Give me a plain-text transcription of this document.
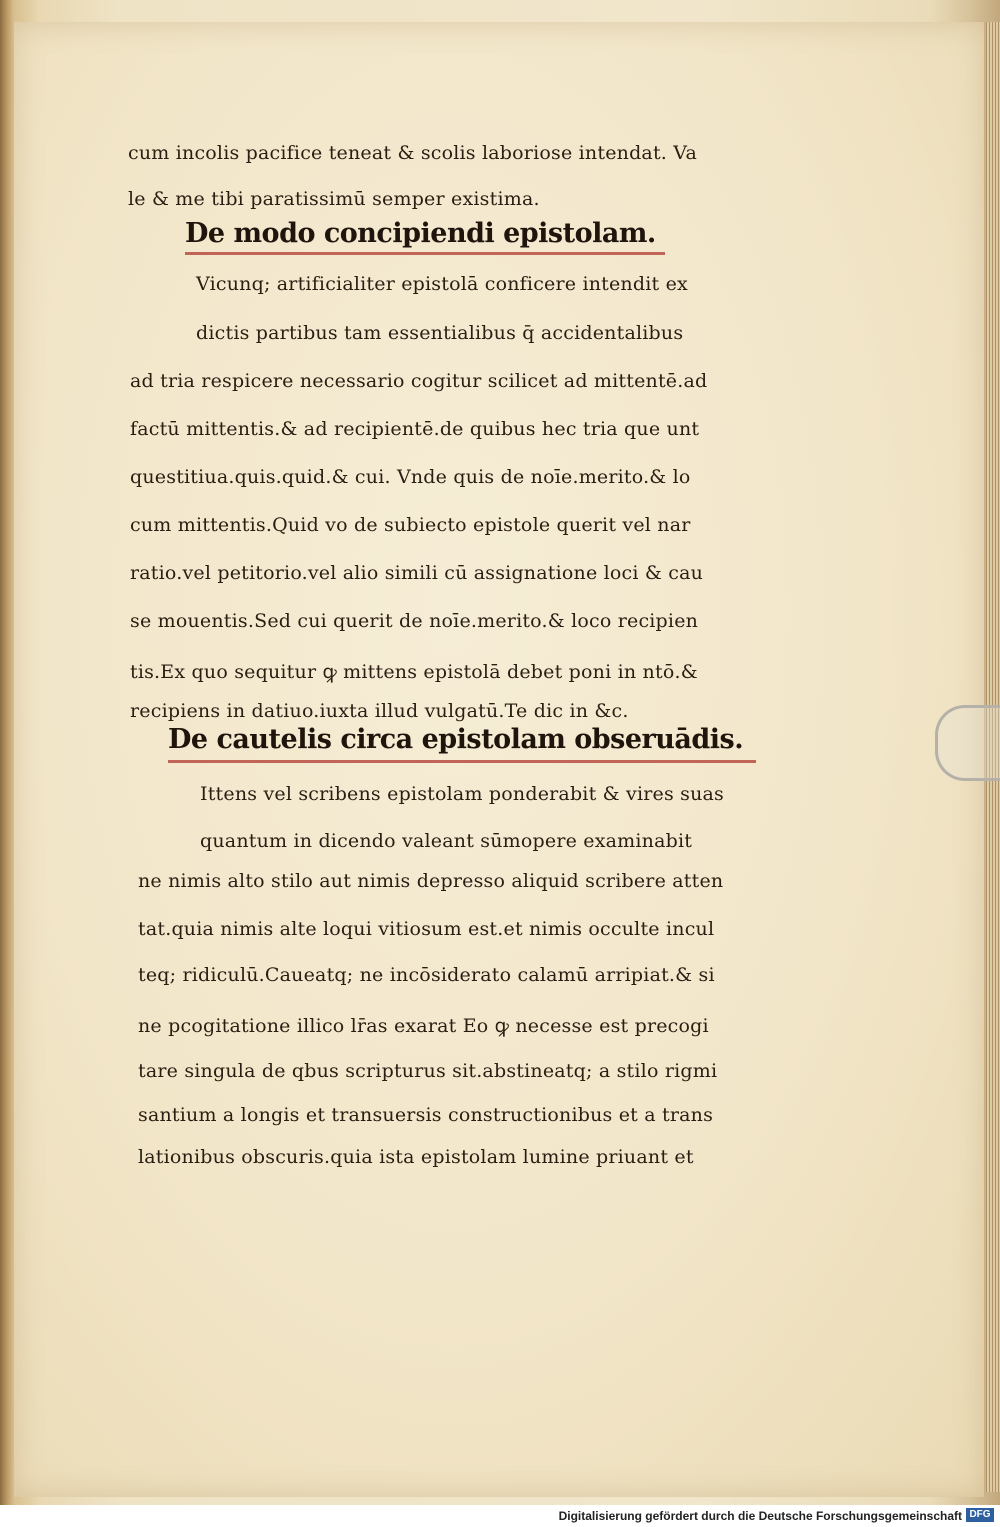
cum incolis pacifice teneat & scolis laboriose intendat. Va
le & me tibi paratissimū semper existima.
De modo concipiendi epistolam.
Vicunq; artificialiter epistolā conficere intendit ex
dictis partibus tam essentialibus q̄ accidentalibus
ad tria respicere necessario cogitur scilicet ad mittentē.ad
factū mittentis.& ad recipientē.de quibus hec tria que unt
questitiua.quis.quid.& cui. Vnde quis de noīe.merito.& lo
cum mittentis.Quid vo de subiecto epistole querit vel nar
ratio.vel petitorio.vel alio simili cū assignatione loci & cau
se mouentis.Sed cui querit de noīe.merito.& loco recipien
tis.Ex quo sequitur ꝙ mittens epistolā debet poni in ntō.&
recipiens in datiuo.iuxta illud vulgatū.Te dic in &c.
De cautelis circa epistolam obseruādis.
Ittens vel scribens epistolam ponderabit & vires suas
quantum in dicendo valeant sūmopere examinabit
ne nimis alto stilo aut nimis depresso aliquid scribere atten
tat.quia nimis alte loqui vitiosum est.et nimis occulte incul
teq; ridiculū.Caueatq; ne incōsiderato calamū arripiat.& si
ne pcogitatione illico lr̄as exarat Eo ꝙ necesse est precogi
tare singula de qbus scripturus sit.abstineatq; a stilo rigmi
santium a longis et transuersis constructionibus et a trans
lationibus obscuris.quia ista epistolam lumine priuant et
Digitalisierung gefördert durch die Deutsche Forschungsgemeinschaft DFG
